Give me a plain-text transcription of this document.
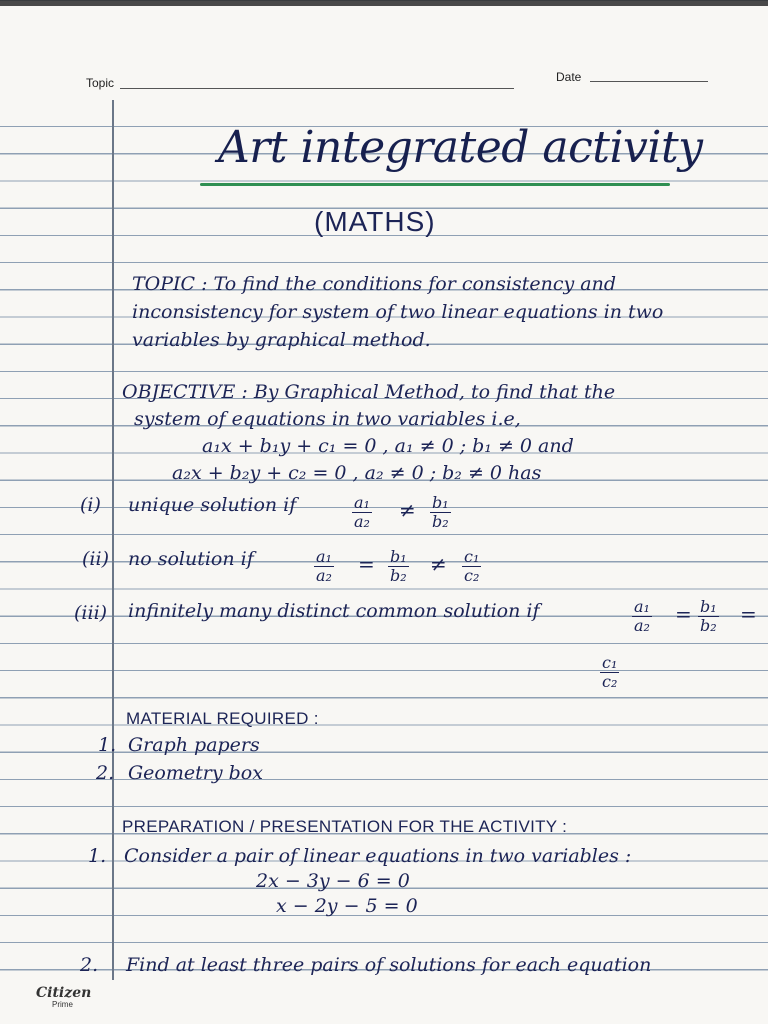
Topic	Date
Art integrated activity
(MATHS)
TOPIC : To find the conditions for consistency and
inconsistency for system of two linear equations in two
variables by graphical method.
OBJECTIVE : By Graphical Method, to find that the
system of equations in two variables i.e,
a₁x + b₁y + c₁ = 0 , a₁ ≠ 0 ; b₁ ≠ 0 and
a₂x + b₂y + c₂ = 0 , a₂ ≠ 0 ; b₂ ≠ 0 has
(i) unique solution if	$\frac{\text{a₁}}{\text{a₂}} \ne \frac{\text{b₁}}{\text{b₂}}$
(ii) no solution if	$\frac{\text{a₁}}{\text{a₂}} = \frac{\text{b₁}}{\text{b₂}} \ne \frac{\text{c₁}}{\text{c₂}}$
(iii) infinitely many distinct common solution if	$\frac{\text{a₁}}{\text{a₂}} = \frac{\text{b₁}}{\text{b₂}}$ =
$\frac{\text{c₁}}{\text{c₂}}$
MATERIAL REQUIRED :
1. Graph papers
2. Geometry box
PREPARATION / PRESENTATION FOR THE ACTIVITY :
1. Consider a pair of linear equations in two variables :
2x − 3y − 6 = 0
x − 2y − 5 = 0
2. Find at least three pairs of solutions for each equation
Citizen
Prime
